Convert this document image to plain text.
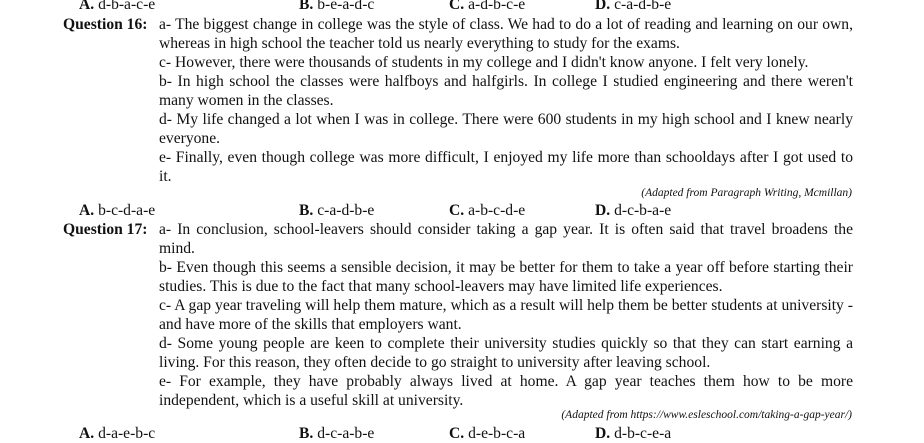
A. d-b-a-c-e	B. b-e-a-d-c	C. a-d-b-c-e	D. c-a-d-b-e
Question 16: a- The biggest change in college was the style of class. We had to do a lot of reading and learning on our own, whereas in high school the teacher told us nearly everything to study for the exams.
c- However, there were thousands of students in my college and I didn't know anyone. I felt very lonely.
b- In high school the classes were halfboys and halfgirls. In college I studied engineering and there weren't many women in the classes.
d- My life changed a lot when I was in college. There were 600 students in my high school and I knew nearly everyone.
e- Finally, even though college was more difficult, I enjoyed my life more than schooldays after I got used to it.
(Adapted from Paragraph Writing, Mcmillan)
A. b-c-d-a-e	B. c-a-d-b-e	C. a-b-c-d-e	D. d-c-b-a-e
Question 17: a- In conclusion, school-leavers should consider taking a gap year. It is often said that travel broadens the mind.
b- Even though this seems a sensible decision, it may be better for them to take a year off before starting their studies. This is due to the fact that many school-leavers may have limited life experiences.
c- A gap year traveling will help them mature, which as a result will help them be better students at university - and have more of the skills that employers want.
d- Some young people are keen to complete their university studies quickly so that they can start earning a living. For this reason, they often decide to go straight to university after leaving school.
e- For example, they have probably always lived at home. A gap year teaches them how to be more independent, which is a useful skill at university.
(Adapted from https://www.esleschool.com/taking-a-gap-year/)
A. d-a-e-b-c	B. d-c-a-b-e	C. d-e-b-c-a	D. d-b-c-e-a
